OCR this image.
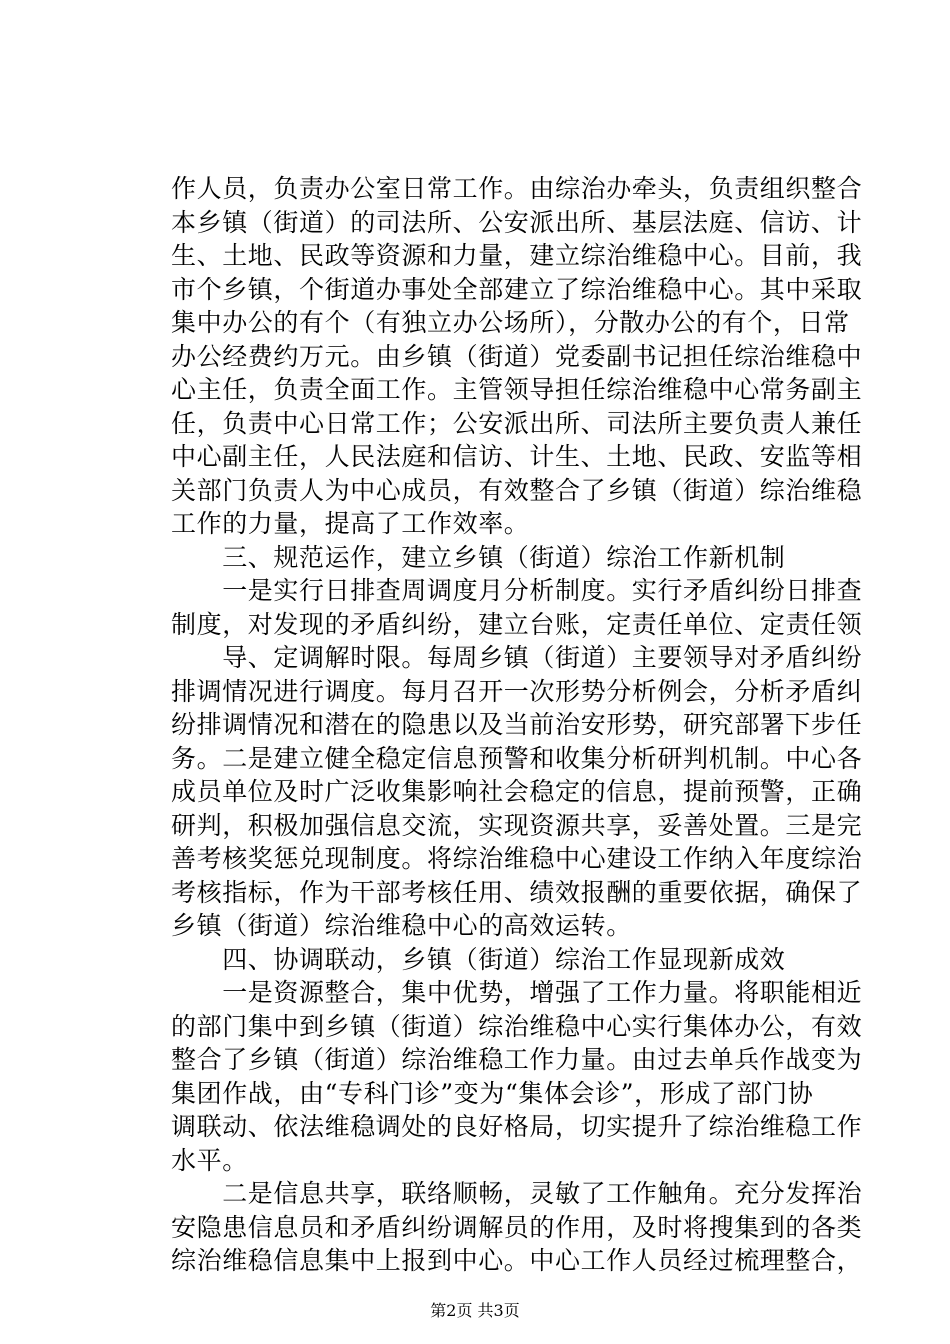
作人员，负责办公室日常工作。由综治办牵头，负责组织整合
本乡镇（街道）的司法所、公安派出所、基层法庭、信访、计
生、土地、民政等资源和力量，建立综治维稳中心。目前，我
市个乡镇，个街道办事处全部建立了综治维稳中心。其中采取
集中办公的有个（有独立办公场所），分散办公的有个，日常
办公经费约万元。由乡镇（街道）党委副书记担任综治维稳中
心主任，负责全面工作。主管领导担任综治维稳中心常务副主
任，负责中心日常工作；公安派出所、司法所主要负责人兼任
中心副主任，人民法庭和信访、计生、土地、民政、安监等相
关部门负责人为中心成员，有效整合了乡镇（街道）综治维稳
工作的力量，提高了工作效率。
　　三、规范运作，建立乡镇（街道）综治工作新机制
　　一是实行日排查周调度月分析制度。实行矛盾纠纷日排查
制度，对发现的矛盾纠纷，建立台账，定责任单位、定责任领
　　导、定调解时限。每周乡镇（街道）主要领导对矛盾纠纷
排调情况进行调度。每月召开一次形势分析例会，分析矛盾纠
纷排调情况和潜在的隐患以及当前治安形势，研究部署下步任
务。二是建立健全稳定信息预警和收集分析研判机制。中心各
成员单位及时广泛收集影响社会稳定的信息，提前预警，正确
研判，积极加强信息交流，实现资源共享，妥善处置。三是完
善考核奖惩兑现制度。将综治维稳中心建设工作纳入年度综治
考核指标，作为干部考核任用、绩效报酬的重要依据，确保了
乡镇（街道）综治维稳中心的高效运转。
　　四、协调联动，乡镇（街道）综治工作显现新成效
　　一是资源整合，集中优势，增强了工作力量。将职能相近
的部门集中到乡镇（街道）综治维稳中心实行集体办公，有效
整合了乡镇（街道）综治维稳工作力量。由过去单兵作战变为
集团作战，由“专科门诊”变为“集体会诊”，形成了部门协
调联动、依法维稳调处的良好格局，切实提升了综治维稳工作
水平。
　　二是信息共享，联络顺畅，灵敏了工作触角。充分发挥治
安隐患信息员和矛盾纠纷调解员的作用，及时将搜集到的各类
综治维稳信息集中上报到中心。中心工作人员经过梳理整合，
第2页 共3页
